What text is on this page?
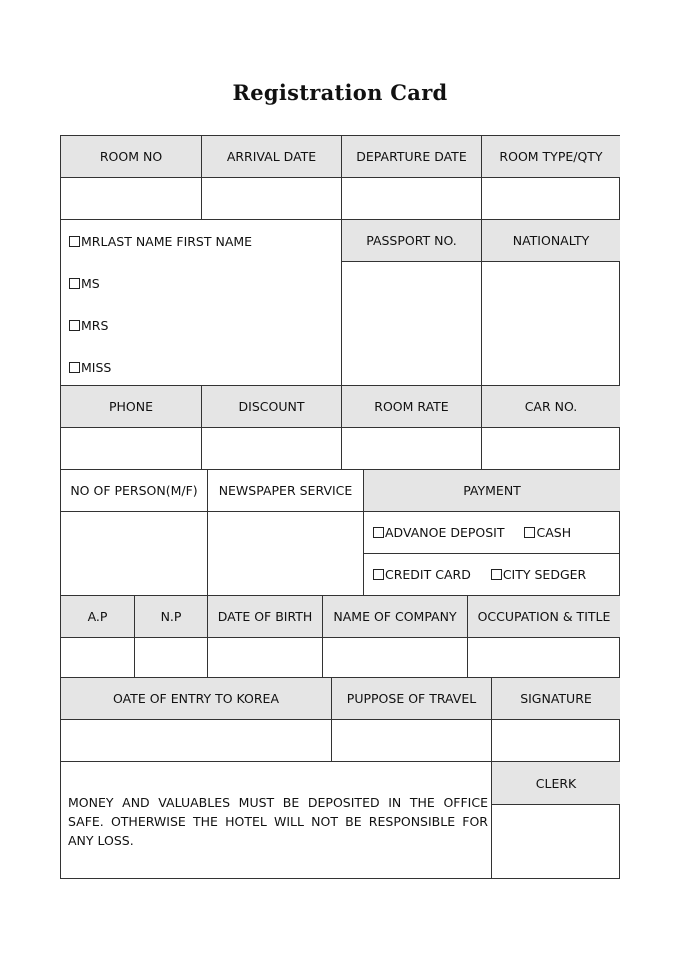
Registration Card
ROOM NO	ARRIVAL DATE	DEPARTURE DATE	ROOM TYPE/QTY
MRLAST NAME FIRST NAME
MS
MRS
MISS
PASSPORT NO.	NATIONALTY
PHONE	DISCOUNT	ROOM RATE	CAR NO.
NO OF PERSON(M/F)	NEWSPAPER SERVICE	PAYMENT
ADVANOE DEPOSIT	CASH
CREDIT CARD	CITY SEDGER
A.P	N.P	DATE OF BIRTH	NAME OF COMPANY	OCCUPATION & TITLE
OATE OF ENTRY TO KOREA	PUPPOSE OF TRAVEL	SIGNATURE
MONEY AND VALUABLES MUST BE DEPOSITED IN THE OFFICE SAFE. OTHERWISE THE HOTEL WILL NOT BE RESPONSIBLE FOR ANY LOSS.
CLERK
